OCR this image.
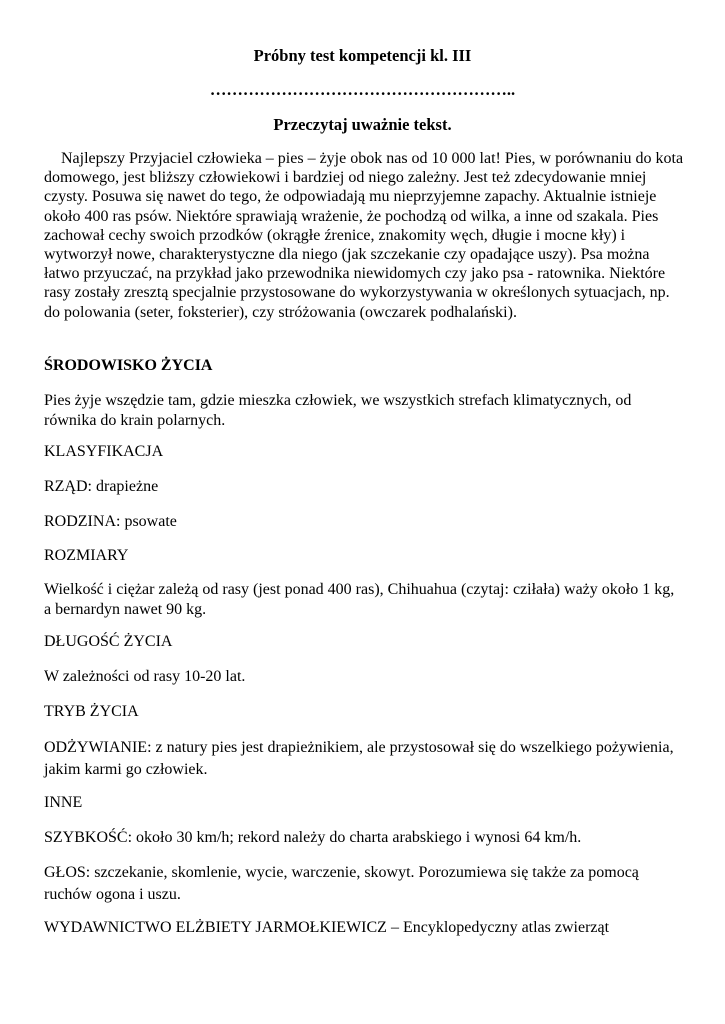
Próbny test kompetencji kl. III
………………………………………………..
Przeczytaj uważnie tekst.
Najlepszy Przyjaciel człowieka – pies – żyje obok nas od 10 000 lat! Pies, w porównaniu do kota domowego, jest bliższy człowiekowi i bardziej od niego zależny. Jest też zdecydowanie mniej czysty. Posuwa się nawet do tego, że odpowiadają mu nieprzyjemne zapachy. Aktualnie istnieje około 400 ras psów. Niektóre sprawiają wrażenie, że pochodzą od wilka, a inne od szakala. Pies zachował cechy swoich przodków (okrągłe źrenice, znakomity węch, długie i mocne kły) i wytworzył nowe, charakterystyczne dla niego (jak szczekanie czy opadające uszy). Psa można łatwo przyuczać, na przykład jako przewodnika niewidomych czy jako psa - ratownika. Niektóre rasy zostały zresztą specjalnie przystosowane do wykorzystywania w określonych sytuacjach, np. do polowania (seter, foksterier), czy stróżowania (owczarek podhalański).
ŚRODOWISKO ŻYCIA
Pies żyje wszędzie tam, gdzie mieszka człowiek, we wszystkich strefach klimatycznych, od równika do krain polarnych.
KLASYFIKACJA
RZĄD: drapieżne
RODZINA: psowate
ROZMIARY
Wielkość i ciężar zależą od rasy (jest ponad 400 ras), Chihuahua (czytaj: cziłała) waży około 1 kg, a bernardyn nawet 90 kg.
DŁUGOŚĆ ŻYCIA
W zależności od rasy 10-20 lat.
TRYB ŻYCIA
ODŻYWIANIE: z natury pies jest drapieżnikiem, ale przystosował się do wszelkiego pożywienia, jakim karmi go człowiek.
INNE
SZYBKOŚĆ: około 30 km/h; rekord należy do charta arabskiego i wynosi 64 km/h.
GŁOS: szczekanie, skomlenie, wycie, warczenie, skowyt. Porozumiewa się także za pomocą ruchów ogona i uszu.
WYDAWNICTWO ELŻBIETY JARMOŁKIEWICZ – Encyklopedyczny atlas zwierząt
